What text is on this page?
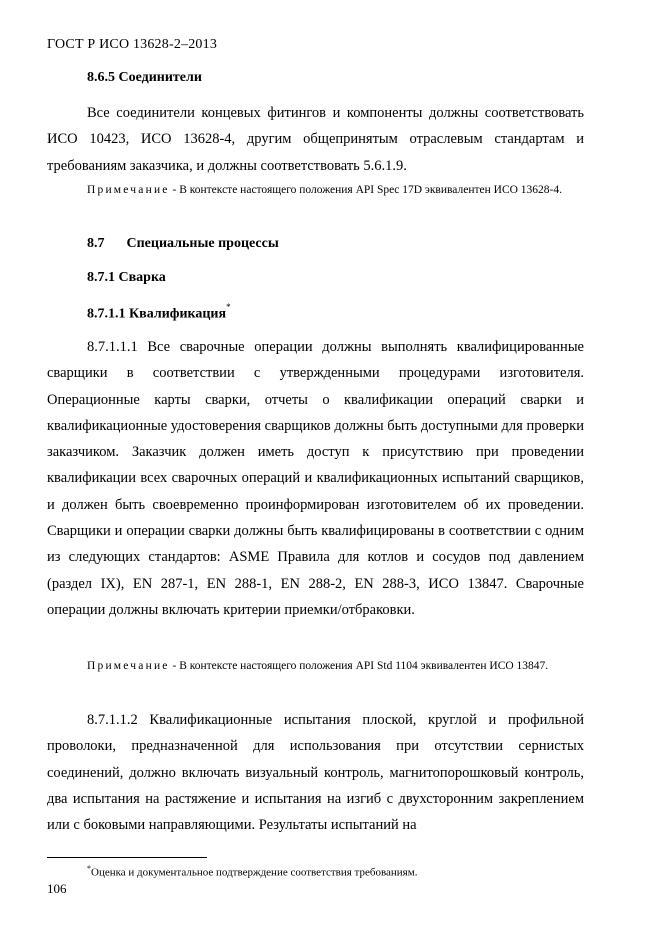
ГОСТ Р ИСО 13628-2–2013
8.6.5 Соединители

Все соединители концевых фитингов и компоненты должны соответствовать ИСО 10423, ИСО 13628-4, другим общепринятым отраслевым стандартам и требованиям заказчика, и должны соответствовать 5.6.1.9.

Примечание - В контексте настоящего положения API Spec 17D эквивалентен ИСО 13628-4.

8.7 Специальные процессы
8.7.1 Сварка
8.7.1.1 Квалификация*

8.7.1.1.1 Все сварочные операции должны выполнять квалифицированные сварщики в соответствии с утвержденными процедурами изготовителя. Операционные карты сварки, отчеты о квалификации операций сварки и квалификационные удостоверения сварщиков должны быть доступными для проверки заказчиком. Заказчик должен иметь доступ к присутствию при проведении квалификации всех сварочных операций и квалификационных испытаний сварщиков, и должен быть своевременно проинформирован изготовителем об их проведении. Сварщики и операции сварки должны быть квалифицированы в соответствии с одним из следующих стандартов: ASME Правила для котлов и сосудов под давлением (раздел IX), EN 287-1, EN 288-1, EN 288-2, EN 288-3, ИСО 13847. Сварочные операции должны включать критерии приемки/отбраковки.

Примечание - В контексте настоящего положения API Std 1104 эквивалентен ИСО 13847.

8.7.1.1.2 Квалификационные испытания плоской, круглой и профильной проволоки, предназначенной для использования при отсутствии сернистых соединений, должно включать визуальный контроль, магнитопорошковый контроль, два испытания на растяжение и испытания на изгиб с двухсторонним закреплением или с боковыми направляющими. Результаты испытаний на

*Оценка и документальное подтверждение соответствия требованиям.
106
